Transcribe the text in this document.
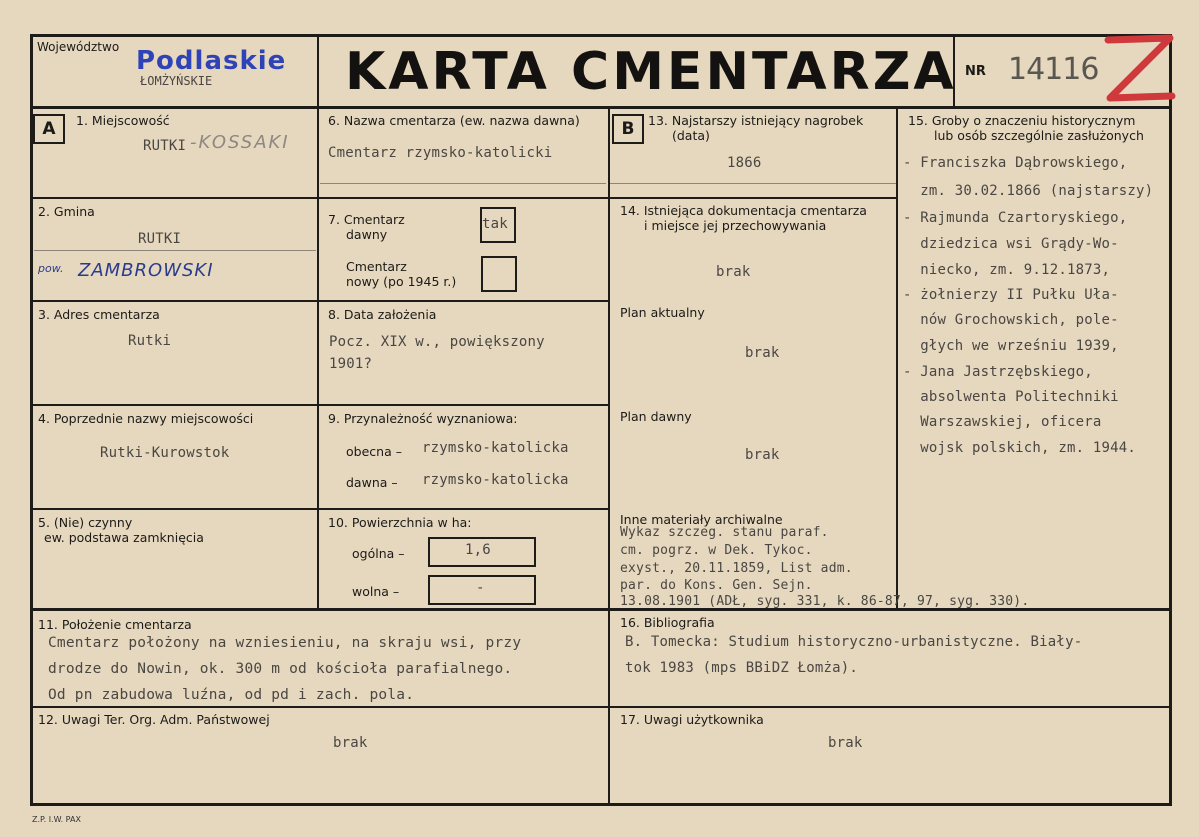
Województwo Podlaskie
ŁOMŻYŃSKIE	KARTA CMENTARZA NR 14116
A	1. Miejscowość
RUTKI -KOSSAKI
2. Gmina
RUTKI
pow. ZAMBROWSKI
3. Adres cmentarza
Rutki
4. Poprzednie nazwy miejscowości
Rutki-Kurowstok
5. (Nie) czynny
ew. podstawa zamknięcia
6. Nazwa cmentarza (ew. nazwa dawna)
Cmentarz rzymsko-katolicki
7. Cmentarz
dawny
tak
Cmentarz
nowy (po 1945 r.)
8. Data założenia
Pocz. XIX w., powiększony
1901?
9. Przynależność wyznaniowa:
obecna – rzymsko-katolicka
dawna – rzymsko-katolicka
10. Powierzchnia w ha:
ogólna –	1,6
wolna –	-
B	13. Najstarszy istniejący nagrobek
(data)
1866
14. Istniejąca dokumentacja cmentarza
i miejsce jej przechowywania
brak
Plan aktualny
brak
Plan dawny
brak
Inne materiały archiwalne
Wykaz szczeg. stanu paraf.
cm. pogrz. w Dek. Tykoc.
exyst., 20.11.1859, List adm.
par. do Kons. Gen. Sejn.
13.08.1901 (ADŁ, syg. 331, k. 86-87, 97, syg. 330).
15. Groby o znaczeniu historycznym
lub osób szczególnie zasłużonych
- Franciszka Dąbrowskiego,
zm. 30.02.1866 (najstarszy)
- Rajmunda Czartoryskiego,
dziedzica wsi Grądy-Wo-
niecko, zm. 9.12.1873,
- żołnierzy II Pułku Uła-
nów Grochowskich, pole-
głych we wrześniu 1939,
- Jana Jastrzębskiego,
absolwenta Politechniki
Warszawskiej, oficera
wojsk polskich, zm. 1944.
11. Położenie cmentarza
Cmentarz położony na wzniesieniu, na skraju wsi, przy
drodze do Nowin, ok. 300 m od kościoła parafialnego.
Od pn zabudowa luźna, od pd i zach. pola.
16. Bibliografia
B. Tomecka: Studium historyczno-urbanistyczne. Biały-
tok 1983 (mps BBiDZ Łomża).
12. Uwagi Ter. Org. Adm. Państwowej
brak
17. Uwagi użytkownika
brak
Z.P. I.W. PAX
